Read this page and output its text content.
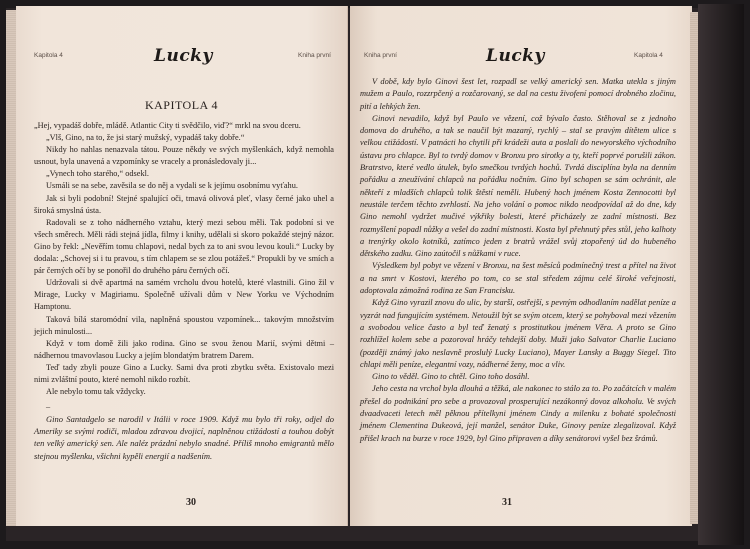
Kapitola 4	Lucky	Kniha první
KAPITOLA 4

„Hej, vypadáš dobře, mládě. Atlantic City ti svědčilo, viď?“ mrkl na svou dceru.

„Vlš, Gino, na to, že jsi starý mužský, vypadáš taky dobře.“

Nikdy ho nahlas nenazvala tátou. Pouze někdy ve svých myšlenkách, když nemohla usnout, byla unavená a vzpomínky se vracely a pronásledovaly ji...

„Vynech toho starého,“ odsekl.

Usmáli se na sebe, zavěsila se do něj a vydali se k jejímu osobnímu vyťahu.

Jak si byli podobní! Stejné spalující oči, tmavá olivová pleť, vlasy černé jako uhel a široká smyslná ústa.

Radovali se z toho nádherného vztahu, který mezi sebou měli. Tak podobní si ve všech směrech. Měli rádi stejná jídla, filmy i knihy, udělali si skoro pokaždé stejný názor. Gino by řekl: „Nevěřím tomu chlapovi, nedal bych za to ani svou levou kouli.“ Lucky by dodala: „Schovej si i tu pravou, s tím chlapem se se zlou potážeš.“ Propukli by ve smích a pár černých očí by se ponořil do druhého páru černých očí.

Udržovali si dvě apartmá na samém vrcholu dvou hotelů, které vlastnili. Gino žil v Mirage, Lucky v Magiriamu. Společně užívali dům v New Yorku ve Východním Hamptonu.

Taková bílá staromódní vila, naplněná spoustou vzpomínek... takovým množstvím jejich minulosti...

Když v tom domě žili jako rodina. Gino se svou ženou Marií, svými dětmi – nádhernou tmavovlasou Lucky a jejím blondatým bratrem Darem.

Teď tady zbyli pouze Gino a Lucky. Sami dva proti zbytku světa. Existovalo mezi nimi zvláštní pouto, které nemohl nikdo rozbít.

Ale nebylo tomu tak vždycky.

–

Gino Santadgelo se narodil v Itálii v roce 1909. Když mu bylo tři roky, odjel do Ameriky se svými rodiči, mladou zdravou dvojicí, naplněnou ctižádostí a touhou dobýt ten velký americký sen. Ale naléz prázdní nebylo snadné. Příliš mnoho emigrantů mělo stejnou myšlenku, všichni kypěli energií a nadšením.

30
Kniha první	Lucky	Kapitola 4

V době, kdy bylo Ginovi šest let, rozpadl se velký americký sen. Matka utekla s jiným mužem a Paulo, rozzrpčený a rozčarovaný, se dal na cestu živofení pomocí drobného zločinu, pití a lehkých žen.

Ginovi nevadilo, když byl Paulo ve vězení, což bývalo často. Stěhoval se z jednoho domova do druhého, a tak se naučil být mazaný, rychlý – stal se pravým dítětem ulice s velkou ctižádostí. V patnácti ho chytili při krádeži auta a poslali do newyorského východního ústavu pro chlapce. Byl to tvrdý domov v Bronxu pro sirotky a ty, kteří poprvé porušili zákon. Bratrstvo, které vedlo útulek, bylo smečkou tvrdých hochů. Tvrdá disciplína byla na denním pořádku a zneužívání chlapců na pořádku nočním. Gino byl schopen se sám ochránit, ale někteří z mladších chlapců tolik štěstí neměli. Hubený hoch jménem Kosta Zennocotti byl neustále terčem těchto zvrhlostí. Na jeho volání o pomoc nikdo neodpovídal až do dne, kdy Gino nemohl vydržet mučivé výkřiky bolesti, které přicházely ze zadní místnosti. Bez rozmyšlení popadl nůžky a vešel do zadní místnosti. Kosta byl přehnutý přes stůl, jeho kalhoty a trenýrky okolo kotníků, zatímco jeden z bratrů vrážel svůj ztopořený úd do hubeného dětského zadku. Gino zaútočil s nůžkami v ruce.

Výsledkem byl pobyt ve vězení v Bronxu, na šest měsíců podmínečný trest a přítel na život a na smrt v Kostovi, kterého po tom, co se stal středem zájmu celé široké veřejnosti, adoptovala zámožná rodina ze San Francisku.

Když Gino vyrazil znovu do ulic, by starší, ostřejší, s pevným odhodlaním nadělat peníze a vyzrát nad fungujícím systémem. Netoužil být se svým otcem, který se pohyboval mezi vězením a svobodou velice často a byl teď ženatý s prostitutkou jménem Věra. A proto se Gino rozhlížel kolem sebe a pozoroval hráčy tehdejší doby. Muži jako Salvator Charlie Luciano (později známý jako neslavně proslulý Lucky Luciano), Mayer Lansky a Buggy Siegel. Tito chlapi měli peníze, elegantní vozy, nádherné ženy, moc a vliv.

Gino to věděl. Gino to chtěl. Gino toho dosáhl.

Jeho cesta na vrchol byla dlouhá a těžká, ale nakonec to stálo za to. Po začátcích v malém přešel do podnikání pro sebe a provozoval prosperující nezákonný dovoz alkoholu. Ve svých dvaadvaceti letech měl pěknou přítelkyni jménem Cindy a milenku z bohaté společnosti jménem Clementina Dukeová, její manžel, senátor Duke, Ginovy peníze zlegalizoval. Když přišel krach na burze v roce 1929, byl Gino připraven a díky senátorovi vyšel bez šrámů.

31
